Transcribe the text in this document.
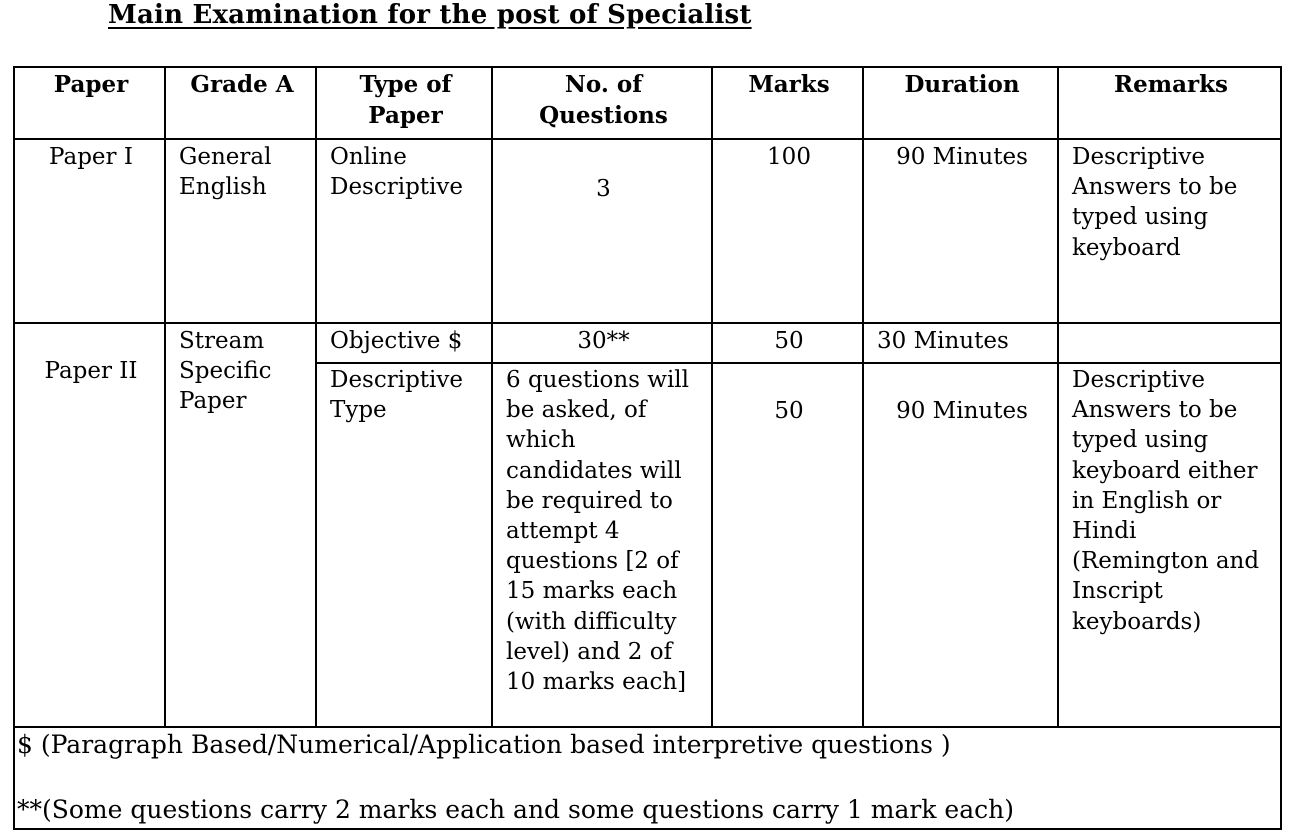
Main Examination for the post of Specialist
Paper	Grade A	Type of Paper	No. of Questions	Marks	Duration	Remarks
Paper I	General English	Online Descriptive	3	100	90 Minutes	Descriptive Answers to be typed using keyboard
Paper II	Stream Specific Paper	Objective $	30**	50	30 Minutes	
		Descriptive Type	6 questions will be asked, of which candidates will be required to attempt 4 questions [2 of 15 marks each (with difficulty level) and 2 of 10 marks each]	50	90 Minutes	Descriptive Answers to be typed using keyboard either in English or Hindi (Remington and Inscript keyboards)

$ (Paragraph Based/Numerical/Application based interpretive questions )
**(Some questions carry 2 marks each and some questions carry 1 mark each)						
